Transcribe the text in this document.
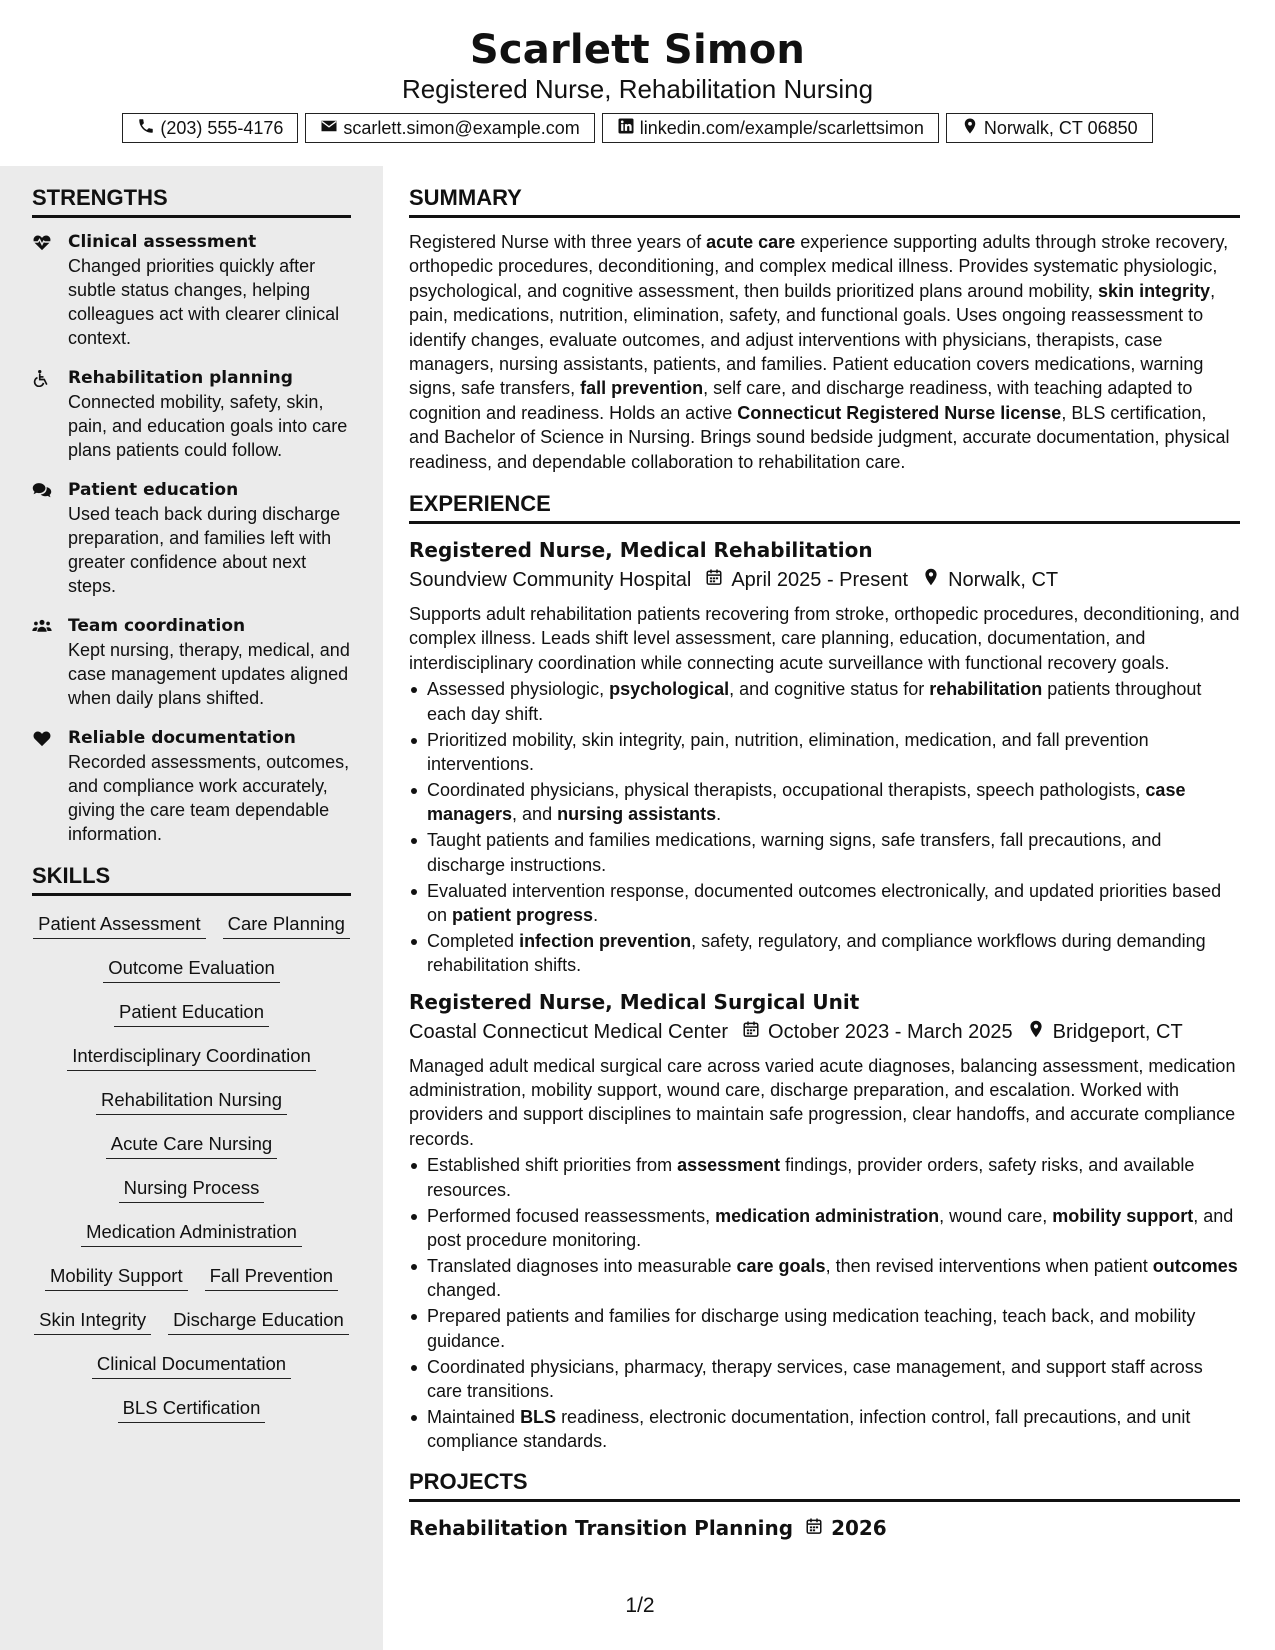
Scarlett Simon
Registered Nurse, Rehabilitation Nursing
(203) 555-4176	scarlett.simon@example.com	linkedin.com/example/scarlettsimon	Norwalk, CT 06850
STRENGTHS
Clinical assessment
Changed priorities quickly after subtle status changes, helping colleagues act with clearer clinical context.
Rehabilitation planning
Connected mobility, safety, skin, pain, and education goals into care plans patients could follow.
Patient education
Used teach back during discharge preparation, and families left with greater confidence about next steps.
Team coordination
Kept nursing, therapy, medical, and case management updates aligned when daily plans shifted.
Reliable documentation
Recorded assessments, outcomes, and compliance work accurately, giving the care team dependable information.
SKILLS
Patient Assessment Care Planning
Outcome Evaluation
Patient Education
Interdisciplinary Coordination
Rehabilitation Nursing
Acute Care Nursing
Nursing Process
Medication Administration
Mobility Support Fall Prevention
Skin Integrity Discharge Education
Clinical Documentation
BLS Certification
SUMMARY

Registered Nurse with three years of acute care experience supporting adults through stroke recovery, orthopedic procedures, deconditioning, and complex medical illness. Provides systematic physiologic, psychological, and cognitive assessment, then builds prioritized plans around mobility, skin integrity, pain, medications, nutrition, elimination, safety, and functional goals. Uses ongoing reassessment to identify changes, evaluate outcomes, and adjust interventions with physicians, therapists, case managers, nursing assistants, patients, and families. Patient education covers medications, warning signs, safe transfers, fall prevention, self care, and discharge readiness, with teaching adapted to cognition and readiness. Holds an active Connecticut Registered Nurse license, BLS certification, and Bachelor of Science in Nursing. Brings sound bedside judgment, accurate documentation, physical readiness, and dependable collaboration to rehabilitation care.

EXPERIENCE
Registered Nurse, Medical Rehabilitation
Soundview Community Hospital April 2025 - Present Norwalk, CT
Supports adult rehabilitation patients recovering from stroke, orthopedic procedures, deconditioning, and complex illness. Leads shift level assessment, care planning, education, documentation, and interdisciplinary coordination while connecting acute surveillance with functional recovery goals.
Assessed physiologic, psychological, and cognitive status for rehabilitation patients throughout each day shift.
Prioritized mobility, skin integrity, pain, nutrition, elimination, medication, and fall prevention interventions.
Coordinated physicians, physical therapists, occupational therapists, speech pathologists, case managers, and nursing assistants.
Taught patients and families medications, warning signs, safe transfers, fall precautions, and discharge instructions.
Evaluated intervention response, documented outcomes electronically, and updated priorities based on patient progress.
Completed infection prevention, safety, regulatory, and compliance workflows during demanding rehabilitation shifts.
Registered Nurse, Medical Surgical Unit
Coastal Connecticut Medical Center October 2023 - March 2025 Bridgeport, CT
Managed adult medical surgical care across varied acute diagnoses, balancing assessment, medication administration, mobility support, wound care, discharge preparation, and escalation. Worked with providers and support disciplines to maintain safe progression, clear handoffs, and accurate compliance records.
Established shift priorities from assessment findings, provider orders, safety risks, and available resources.
Performed focused reassessments, medication administration, wound care, mobility support, and post procedure monitoring.
Translated diagnoses into measurable care goals, then revised interventions when patient outcomes changed.
Prepared patients and families for discharge using medication teaching, teach back, and mobility guidance.
Coordinated physicians, pharmacy, therapy services, case management, and support staff across care transitions.
Maintained BLS readiness, electronic documentation, infection control, fall precautions, and unit compliance standards.
PROJECTS
Rehabilitation Transition Planning 2026
1/2
